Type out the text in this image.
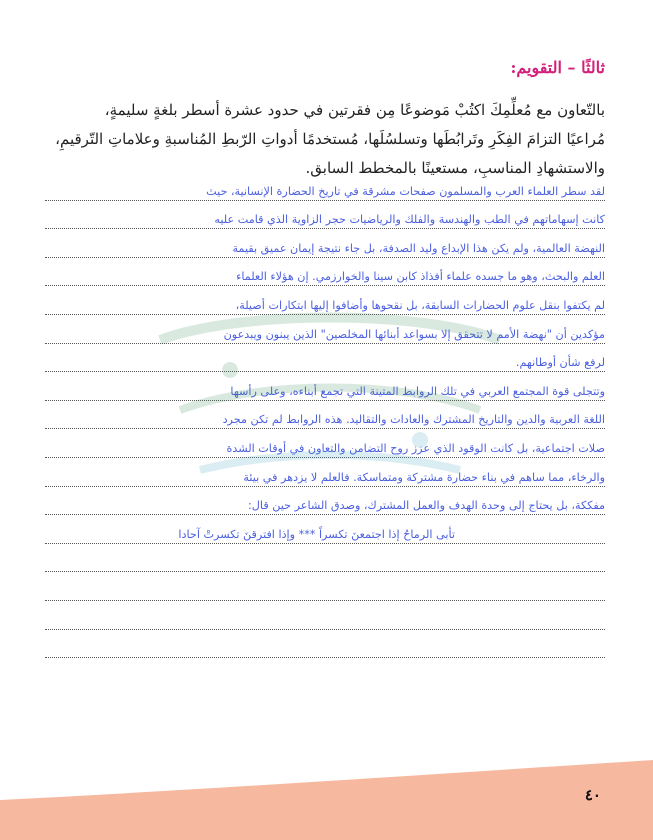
ثالثًا – التقويم:
بالتّعاون مع مُعلِّمِكَ اكتُبْ مَوضوعًا مِن فقرتين في حدود عشرة أسطر بلغةٍ سليمةٍ،
مُراعيًا التزامَ الفِكَرِ وتَرابُطَها وتسلسُلَها، مُستخدمًا أدواتِ الرّبطِ المُناسبةِ وعلاماتِ التّرقيمِ،
والاستشهادِ المناسبِ، مستعينًا بالمخطط السابق.
لقد سطر العلماء العرب والمسلمون صفحات مشرقة في تاريخ الحضارة الإنسانية، حيث
كانت إسهاماتهم في الطب والهندسة والفلك والرياضيات حجر الزاوية الذي قامت عليه
النهضة العالمية، ولم يكن هذا الإبداع وليد الصدفة، بل جاء نتيجة إيمان عميق بقيمة
العلم والبحث، وهو ما جسده علماء أفذاذ كابن سينا والخوارزمي. إن هؤلاء العلماء
لم يكتفوا بنقل علوم الحضارات السابقة، بل نقحوها وأضافوا إليها ابتكارات أصيلة،
مؤكدين أن "نهضة الأمم لا تتحقق إلا بسواعد أبنائها المخلصين" الذين يبنون ويبدعون
لرفع شأن أوطانهم.
وتتجلى قوة المجتمع العربي في تلك الروابط المتينة التي تجمع أبناءه، وعلى رأسها
اللغة العربية والدين والتاريخ المشترك والعادات والتقاليد. هذه الروابط لم تكن مجرد
صلات اجتماعية، بل كانت الوقود الذي عزز روح التضامن والتعاون في أوقات الشدة
والرخاء، مما ساهم في بناء حضارة مشتركة ومتماسكة. فالعلم لا يزدهر في بيئة
مفككة، بل يحتاج إلى وحدة الهدف والعمل المشترك، وصدق الشاعر حين قال:
تأبى الرماحُ إذا اجتمعنَ تكسراً *** وإذا افترقنَ تكسرتْ آحادا
٤٠
